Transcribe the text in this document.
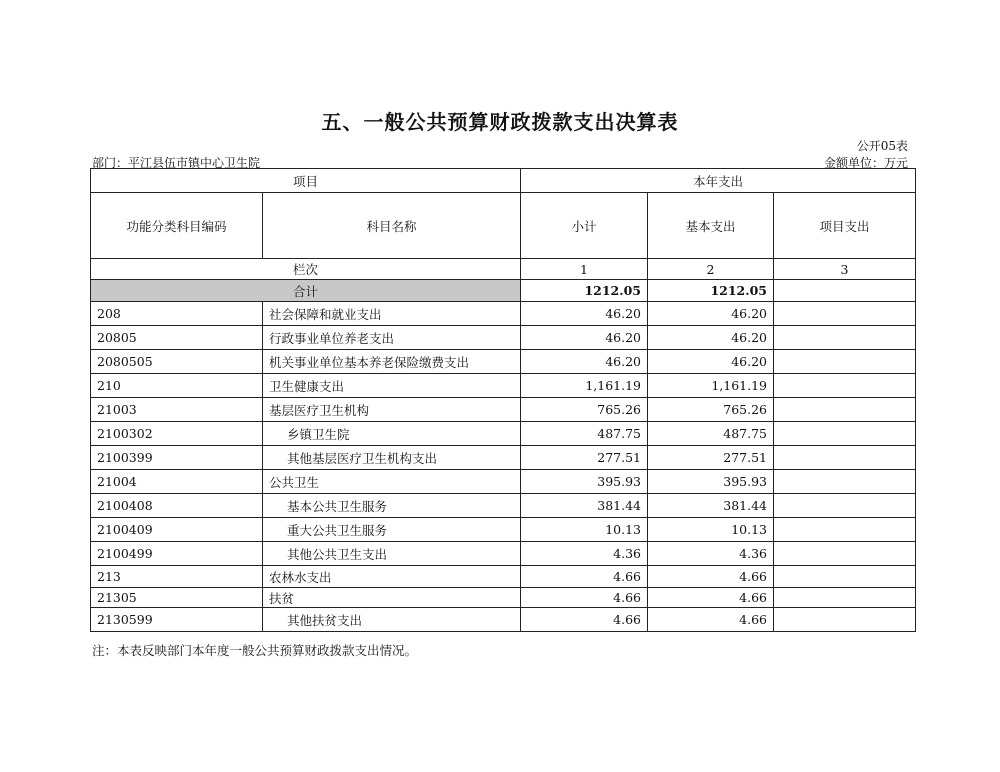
五、一般公共预算财政拨款支出决算表
公开05表
部门：平江县伍市镇中心卫生院	金额单位：万元
项目		本年支出		
功能分类科目编码	科目名称	小计	基本支出	项目支出
栏次		1	2	3
合计		1212.05	1212.05	
208	社会保障和就业支出	46.20	46.20	
20805	行政事业单位养老支出	46.20	46.20	
2080505	机关事业单位基本养老保险缴费支出	46.20	46.20	
210	卫生健康支出	1,161.19	1,161.19	
21003	基层医疗卫生机构	765.26	765.26	
2100302	乡镇卫生院	487.75	487.75	
2100399	其他基层医疗卫生机构支出	277.51	277.51	
21004	公共卫生	395.93	395.93	
2100408	基本公共卫生服务	381.44	381.44	
2100409	重大公共卫生服务	10.13	10.13	
2100499	其他公共卫生支出	4.36	4.36	
213	农林水支出	4.66	4.66	
21305	扶贫	4.66	4.66	
2130599	其他扶贫支出	4.66	4.66	
注：本表反映部门本年度一般公共预算财政拨款支出情况。
